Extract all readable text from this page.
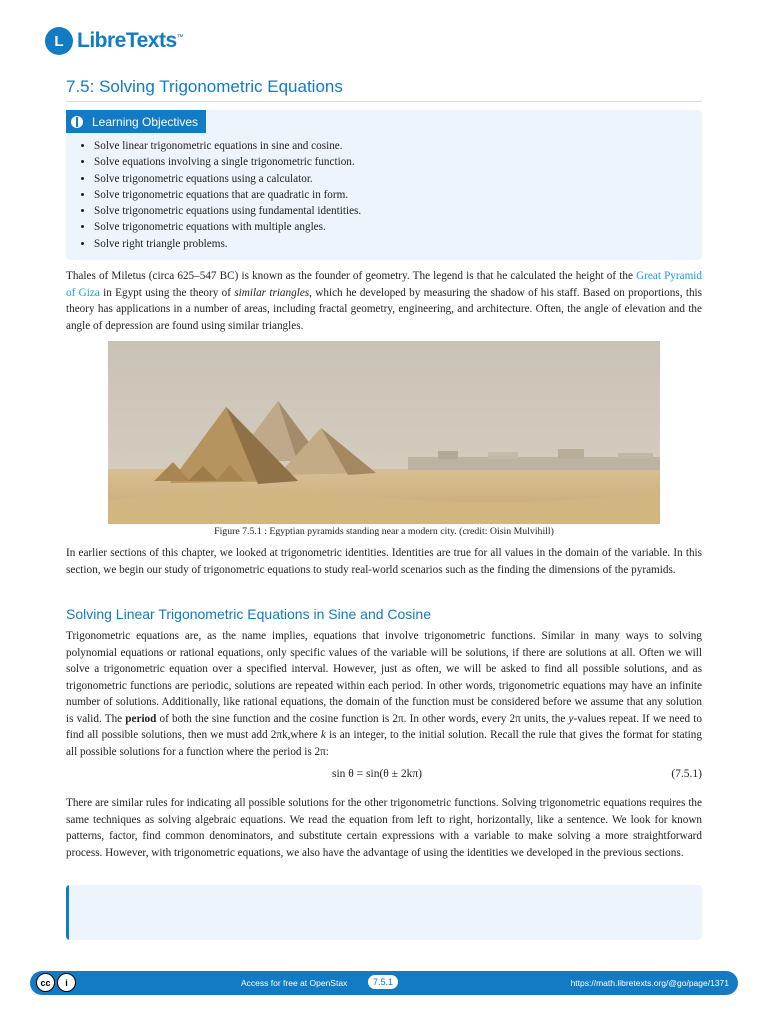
L LibreTexts™
7.5: Solving Trigonometric Equations
Learning Objectives
• Solve linear trigonometric equations in sine and cosine.
• Solve equations involving a single trigonometric function.
• Solve trigonometric equations using a calculator.
• Solve trigonometric equations that are quadratic in form.
• Solve trigonometric equations using fundamental identities.
• Solve trigonometric equations with multiple angles.
• Solve right triangle problems.

Thales of Miletus (circa 625–547 BC) is known as the founder of geometry. The legend is that he calculated the height of the Great Pyramid of Giza in Egypt using the theory of similar triangles, which he developed by measuring the shadow of his staff. Based on proportions, this theory has applications in a number of areas, including fractal geometry, engineering, and architecture. Often, the angle of elevation and the angle of depression are found using similar triangles.

Figure 7.5.1 : Egyptian pyramids standing near a modern city. (credit: Oisin Mulvihill)

In earlier sections of this chapter, we looked at trigonometric identities. Identities are true for all values in the domain of the variable. In this section, we begin our study of trigonometric equations to study real-world scenarios such as the finding the dimensions of the pyramids.

Solving Linear Trigonometric Equations in Sine and Cosine

Trigonometric equations are, as the name implies, equations that involve trigonometric functions. Similar in many ways to solving polynomial equations or rational equations, only specific values of the variable will be solutions, if there are solutions at all. Often we will solve a trigonometric equation over a specified interval. However, just as often, we will be asked to find all possible solutions, and as trigonometric functions are periodic, solutions are repeated within each period. In other words, trigonometric equations may have an infinite number of solutions. Additionally, like rational equations, the domain of the function must be considered before we assume that any solution is valid. The period of both the sine function and the cosine function is 2π. In other words, every 2π units, the y-values repeat. If we need to find all possible solutions, then we must add 2πk,where k is an integer, to the initial solution. Recall the rule that gives the format for stating all possible solutions for a function where the period is 2π:

sin θ = sin(θ ± 2kπ)	(7.5.1)

There are similar rules for indicating all possible solutions for the other trigonometric functions. Solving trigonometric equations requires the same techniques as solving algebraic equations. We read the equation from left to right, horizontally, like a sentence. We look for known patterns, factor, find common denominators, and substitute certain expressions with a variable to make solving a more straightforward process. However, with trigonometric equations, we also have the advantage of using the identities we developed in the previous sections.

cc	i	Access for free at OpenStax	7.5.1	https://math.libretexts.org/@go/page/1371
